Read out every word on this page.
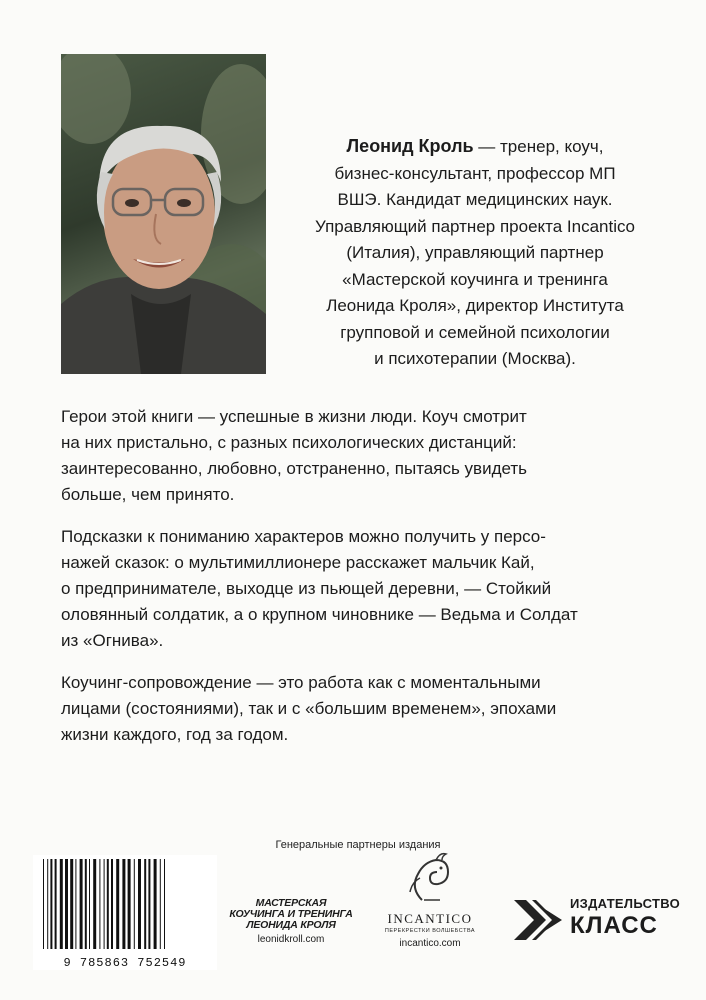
Леонид Кроль — тренер, коуч,
бизнес-консультант, профессор МП
ВШЭ. Кандидат медицинских наук.
Управляющий партнер проекта Incantico
(Италия), управляющий партнер
«Мастерской коучинга и тренинга
Леонида Кроля», директор Института
групповой и семейной психологии
и психотерапии (Москва).

Герои этой книги — успешные в жизни люди. Коуч смотрит
на них пристально, с разных психологических дистанций:
заинтересованно, любовно, отстраненно, пытаясь увидеть
больше, чем принято.

Подсказки к пониманию характеров можно получить у персо-
нажей сказок: о мультимиллионере расскажет мальчик Кай,
о предпринимателе, выходце из пьющей деревни, — Стойкий
оловянный солдатик, а о крупном чиновнике — Ведьма и Солдат
из «Огнива».

Коучинг-сопровождение — это работа как с моментальными
лицами (состояниями), так и с «большим временем», эпохами
жизни каждого, год за годом.

9 785863 752549
Генеральные партнеры издания

МАСТЕРСКАЯ

КОУЧИНГА И ТРЕНИНГА

ЛЕОНИДА КРОЛЯ

leonidkroll.com
INCANTICO
ПЕРЕКРЕСТКИ ВОЛШЕБСТВА
incantico.com
ИЗДАТЕЛЬСТВО
КЛАСС
